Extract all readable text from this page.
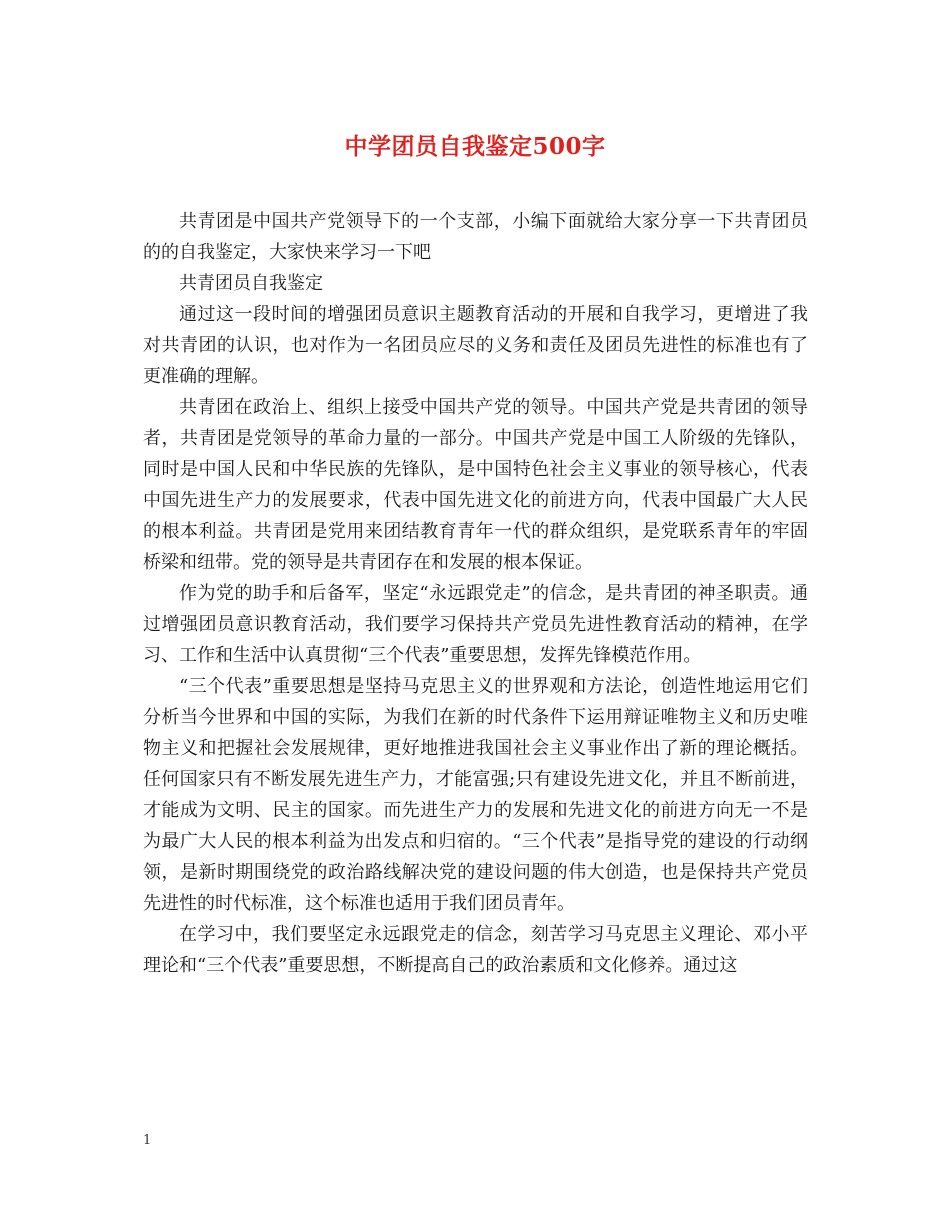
中学团员自我鉴定500字

共青团是中国共产党领导下的一个支部，小编下面就给大家分享一下共青团员的的自我鉴定，大家快来学习一下吧

共青团员自我鉴定

通过这一段时间的增强团员意识主题教育活动的开展和自我学习，更增进了我对共青团的认识，也对作为一名团员应尽的义务和责任及团员先进性的标准也有了更准确的理解。

共青团在政治上、组织上接受中国共产党的领导。中国共产党是共青团的领导者，共青团是党领导的革命力量的一部分。中国共产党是中国工人阶级的先锋队，同时是中国人民和中华民族的先锋队，是中国特色社会主义事业的领导核心，代表中国先进生产力的发展要求，代表中国先进文化的前进方向，代表中国最广大人民的根本利益。共青团是党用来团结教育青年一代的群众组织，是党联系青年的牢固桥梁和纽带。党的领导是共青团存在和发展的根本保证。

作为党的助手和后备军，坚定“永远跟党走”的信念，是共青团的神圣职责。通过增强团员意识教育活动，我们要学习保持共产党员先进性教育活动的精神，在学习、工作和生活中认真贯彻“三个代表”重要思想，发挥先锋模范作用。

“三个代表”重要思想是坚持马克思主义的世界观和方法论，创造性地运用它们分析当今世界和中国的实际，为我们在新的时代条件下运用辩证唯物主义和历史唯物主义和把握社会发展规律，更好地推进我国社会主义事业作出了新的理论概括。任何国家只有不断发展先进生产力，才能富强;只有建设先进文化，并且不断前进，才能成为文明、民主的国家。而先进生产力的发展和先进文化的前进方向无一不是为最广大人民的根本利益为出发点和归宿的。“三个代表”是指导党的建设的行动纲领，是新时期围绕党的政治路线解决党的建设问题的伟大创造，也是保持共产党员先进性的时代标准，这个标准也适用于我们团员青年。

在学习中，我们要坚定永远跟党走的信念，刻苦学习马克思主义理论、邓小平理论和“三个代表”重要思想，不断提高自己的政治素质和文化修养。通过这

1
